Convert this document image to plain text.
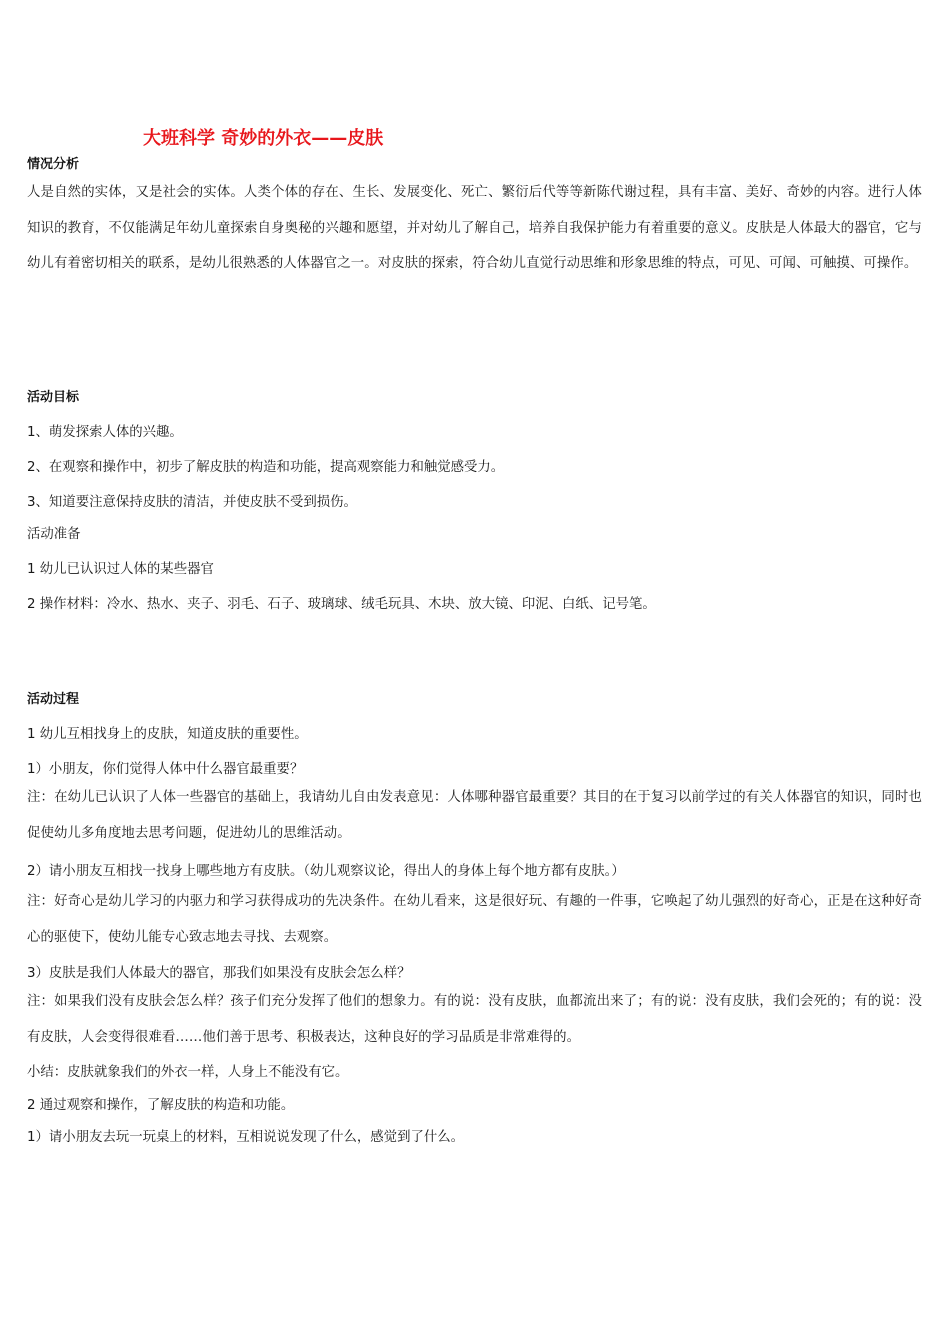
大班科学 奇妙的外衣——皮肤
情况分析

人是自然的实体，又是社会的实体。人类个体的存在、生长、发展变化、死亡、繁衍后代等等新陈代谢过程，具有丰富、美好、奇妙的内容。进行人体知识的教育，不仅能满足年幼儿童探索自身奥秘的兴趣和愿望，并对幼儿了解自己，培养自我保护能力有着重要的意义。皮肤是人体最大的器官，它与幼儿有着密切相关的联系，是幼儿很熟悉的人体器官之一。对皮肤的探索，符合幼儿直觉行动思维和形象思维的特点，可见、可闻、可触摸、可操作。

活动目标

1、萌发探索人体的兴趣。

2、在观察和操作中，初步了解皮肤的构造和功能，提高观察能力和触觉感受力。

3、知道要注意保持皮肤的清洁，并使皮肤不受到损伤。

活动准备

1 幼儿已认识过人体的某些器官

2 操作材料：冷水、热水、夹子、羽毛、石子、玻璃球、绒毛玩具、木块、放大镜、印泥、白纸、记号笔。

活动过程

1 幼儿互相找身上的皮肤，知道皮肤的重要性。

1）小朋友，你们觉得人体中什么器官最重要？

注：在幼儿已认识了人体一些器官的基础上，我请幼儿自由发表意见：人体哪种器官最重要？其目的在于复习以前学过的有关人体器官的知识，同时也促使幼儿多角度地去思考问题，促进幼儿的思维活动。

2）请小朋友互相找一找身上哪些地方有皮肤。（幼儿观察议论，得出人的身体上每个地方都有皮肤。）

注：好奇心是幼儿学习的内驱力和学习获得成功的先决条件。在幼儿看来，这是很好玩、有趣的一件事，它唤起了幼儿强烈的好奇心，正是在这种好奇心的驱使下，使幼儿能专心致志地去寻找、去观察。

3）皮肤是我们人体最大的器官，那我们如果没有皮肤会怎么样？

注：如果我们没有皮肤会怎么样？孩子们充分发挥了他们的想象力。有的说：没有皮肤，血都流出来了；有的说：没有皮肤，我们会死的；有的说：没有皮肤，人会变得很难看……他们善于思考、积极表达，这种良好的学习品质是非常难得的。

小结：皮肤就象我们的外衣一样，人身上不能没有它。

2 通过观察和操作，了解皮肤的构造和功能。

1）请小朋友去玩一玩桌上的材料，互相说说发现了什么，感觉到了什么。
